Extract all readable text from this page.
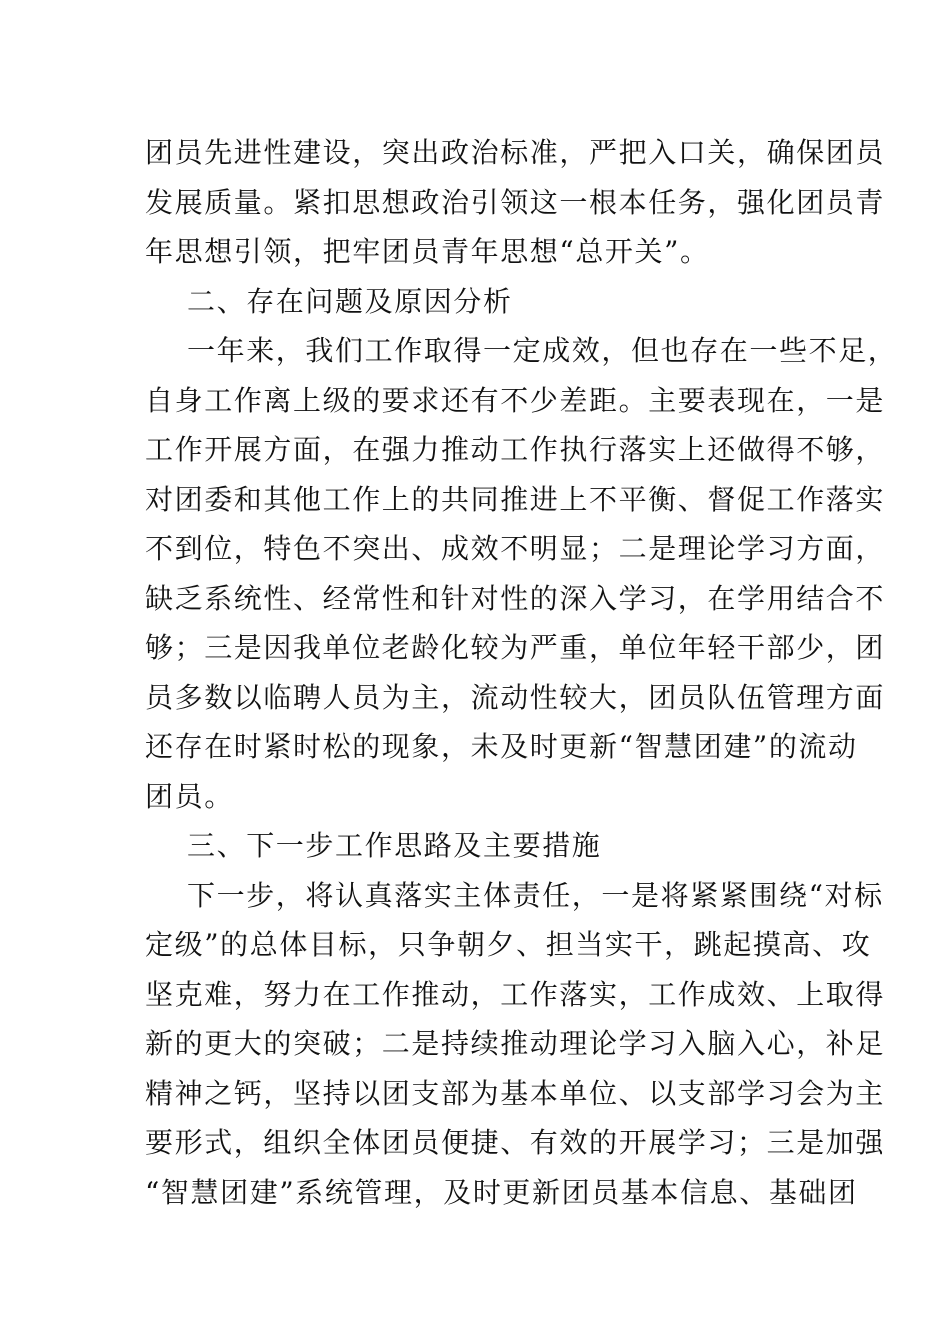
团员先进性建设，突出政治标准，严把入口关，确保团员
发展质量。紧扣思想政治引领这一根本任务，强化团员青
年思想引领，把牢团员青年思想“总开关”。
二、存在问题及原因分析
一年来，我们工作取得一定成效，但也存在一些不足，
自身工作离上级的要求还有不少差距。主要表现在，一是
工作开展方面，在强力推动工作执行落实上还做得不够，
对团委和其他工作上的共同推进上不平衡、督促工作落实
不到位，特色不突出、成效不明显；二是理论学习方面，
缺乏系统性、经常性和针对性的深入学习，在学用结合不
够；三是因我单位老龄化较为严重，单位年轻干部少，团
员多数以临聘人员为主，流动性较大，团员队伍管理方面
还存在时紧时松的现象，未及时更新“智慧团建”的流动
团员。
三、下一步工作思路及主要措施
下一步，将认真落实主体责任，一是将紧紧围绕“对标
定级”的总体目标，只争朝夕、担当实干，跳起摸高、攻
坚克难，努力在工作推动，工作落实，工作成效、上取得
新的更大的突破；二是持续推动理论学习入脑入心，补足
精神之钙，坚持以团支部为基本单位、以支部学习会为主
要形式，组织全体团员便捷、有效的开展学习；三是加强
“智慧团建”系统管理，及时更新团员基本信息、基础团
